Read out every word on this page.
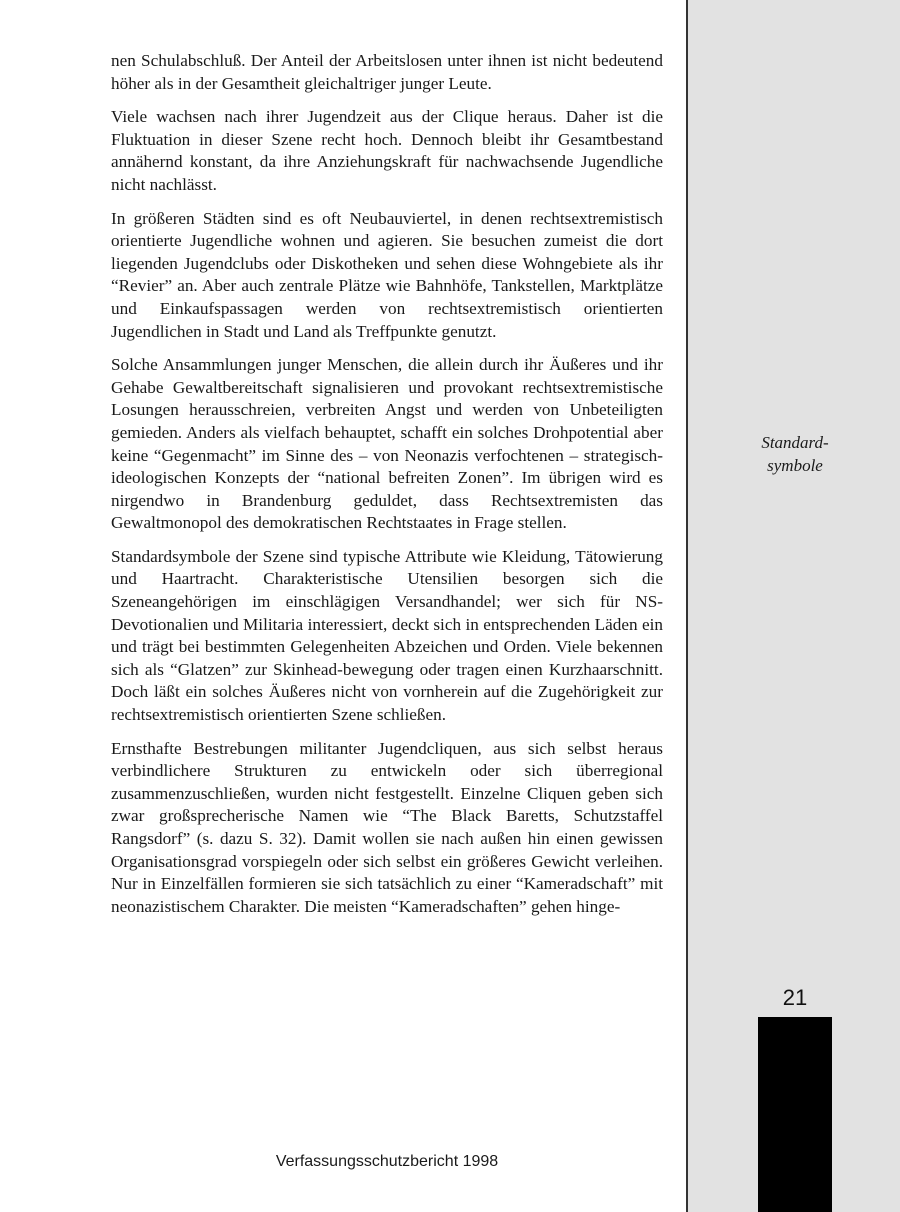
nen Schulabschluß. Der Anteil der Arbeitslosen unter ihnen ist nicht bedeutend höher als in der Gesamtheit gleichaltriger junger Leute.

Viele wachsen nach ihrer Jugendzeit aus der Clique heraus. Daher ist die Fluktuation in dieser Szene recht hoch. Dennoch bleibt ihr Gesamtbestand annähernd konstant, da ihre Anziehungskraft für nachwachsende Jugendliche nicht nachlässt.

In größeren Städten sind es oft Neubauviertel, in denen rechtsextremistisch orientierte Jugendliche wohnen und agieren. Sie besuchen zumeist die dort liegenden Jugendclubs oder Diskotheken und sehen diese Wohngebiete als ihr “Revier” an. Aber auch zentrale Plätze wie Bahnhöfe, Tankstellen, Marktplätze und Einkaufspassagen werden von rechtsextremistisch orientierten Jugendlichen in Stadt und Land als Treffpunkte genutzt.

Solche Ansammlungen junger Menschen, die allein durch ihr Äußeres und ihr Gehabe Gewaltbereitschaft signalisieren und provokant rechtsextremistische Losungen herausschreien, verbreiten Angst und werden von Unbeteiligten gemieden. Anders als vielfach behauptet, schafft ein solches Drohpotential aber keine “Gegenmacht” im Sinne des – von Neonazis verfochtenen – strategisch-ideologischen Konzepts der “national befreiten Zonen”. Im übrigen wird es nirgendwo in Brandenburg geduldet, dass Rechtsextremisten das Gewaltmonopol des demokratischen Rechtstaates in Frage stellen.

Standardsymbole der Szene sind typische Attribute wie Kleidung, Tätowierung und Haartracht. Charakteristische Utensilien besorgen sich die Szeneangehörigen im einschlägigen Versandhandel; wer sich für NS-Devotionalien und Militaria interessiert, deckt sich in entsprechenden Läden ein und trägt bei bestimmten Gelegenheiten Abzeichen und Orden. Viele bekennen sich als “Glatzen” zur Skinhead-bewegung oder tragen einen Kurzhaarschnitt. Doch läßt ein solches Äußeres nicht von vornherein auf die Zugehörigkeit zur rechtsextremistisch orientierten Szene schließen.

Ernsthafte Bestrebungen militanter Jugendcliquen, aus sich selbst heraus verbindlichere Strukturen zu entwickeln oder sich überregional zusammenzuschließen, wurden nicht festgestellt. Einzelne Cliquen geben sich zwar großsprecherische Namen wie “The Black Baretts, Schutzstaffel Rangsdorf” (s. dazu S. 32). Damit wollen sie nach außen hin einen gewissen Organisationsgrad vorspiegeln oder sich selbst ein größeres Gewicht verleihen. Nur in Einzelfällen formieren sie sich tatsächlich zu einer “Kameradschaft” mit neonazistischem Charakter. Die meisten “Kameradschaften” gehen hinge-

Standard-
symbole
21
Verfassungsschutzbericht 1998
